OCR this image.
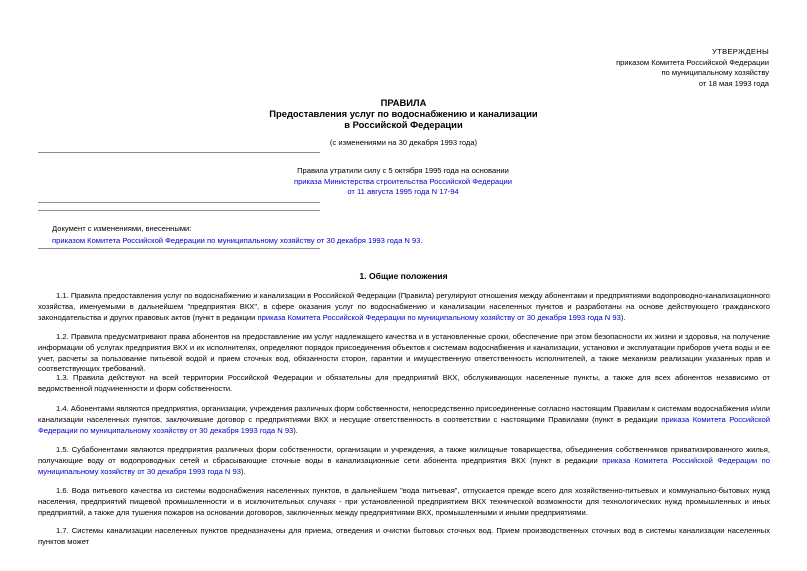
УТВЕРЖДЕНЫ
приказом Комитета Российской Федерации
по муниципальному хозяйству
от 18 мая 1993 года
ПРАВИЛА
Предоставления услуг по водоснабжению и канализации
в Российской Федерации
(с изменениями на 30 декабря 1993 года)
Правила утратили силу с 5 октября 1995 года на основании
приказа Министерства строительства Российской Федерации
от 11 августа 1995 года N 17-94
Документ с изменениями, внесенными:
приказом Комитета Российской Федерации по муниципальному хозяйству от 30 декабря 1993 года N 93.
1. Общие положения

1.1. Правила предоставления услуг по водоснабжению и канализации в Российской Федерации (Правила) регулируют отношения между абонентами и предприятиями водопроводно-канализационного хозяйства, именуемыми в дальнейшем "предприятия ВКХ", в сфере оказания услуг по водоснабжению и канализации населенных пунктов и разработаны на основе действующего гражданского законодательства и других правовых актов (пункт в редакции приказа Комитета Российской Федерации по муниципальному хозяйству от 30 декабря 1993 года N 93).

1.2. Правила предусматривают права абонентов на предоставление им услуг надлежащего качества и в установленные сроки, обеспечение при этом безопасности их жизни и здоровья, на получение информации об услугах предприятия ВКХ и их исполнителях, определяют порядок присоединения объектов к системам водоснабжения и канализации, установки и эксплуатации приборов учета воды и ее учет, расчеты за пользование питьевой водой и прием сточных вод, обязанности сторон, гарантии и имущественную ответственность исполнителей, а также механизм реализации указанных прав и соответствующих требований.

1.3. Правила действуют на всей территории Российской Федерации и обязательны для предприятий ВКХ, обслуживающих населенные пункты, а также для всех абонентов независимо от ведомственной подчиненности и форм собственности.

1.4. Абонентами являются предприятия, организации, учреждения различных форм собственности, непосредственно присоединенные согласно настоящим Правилам к системам водоснабжения и/или канализации населенных пунктов, заключившие договор с предприятиями ВКХ и несущие ответственность в соответствии с настоящими Правилами (пункт в редакции приказа Комитета Российской Федерации по муниципальному хозяйству от 30 декабря 1993 года N 93).

1.5. Субабонентами являются предприятия различных форм собственности, организации и учреждения, а также жилищные товарищества, объединения собственников приватизированного жилья, получающие воду от водопроводных сетей и сбрасывающие сточные воды в канализационные сети абонента предприятия ВКХ (пункт в редакции приказа Комитета Российской Федерации по муниципальному хозяйству от 30 декабря 1993 года N 93).

1.6. Вода питьевого качества из системы водоснабжения населенных пунктов, в дальнейшем "вода питьевая", отпускается прежде всего для хозяйственно-питьевых и коммунально-бытовых нужд населения, предприятий пищевой промышленности и в исключительных случаях - при установленной предприятием ВКХ технической возможности для технологических нужд промышленных и иных предприятий, а также для тушения пожаров на основании договоров, заключенных между предприятиями ВКХ, промышленными и иными предприятиями.

1.7. Системы канализации населенных пунктов предназначены для приема, отведения и очистки бытовых сточных вод. Прием производственных сточных вод в системы канализации населенных пунктов может
